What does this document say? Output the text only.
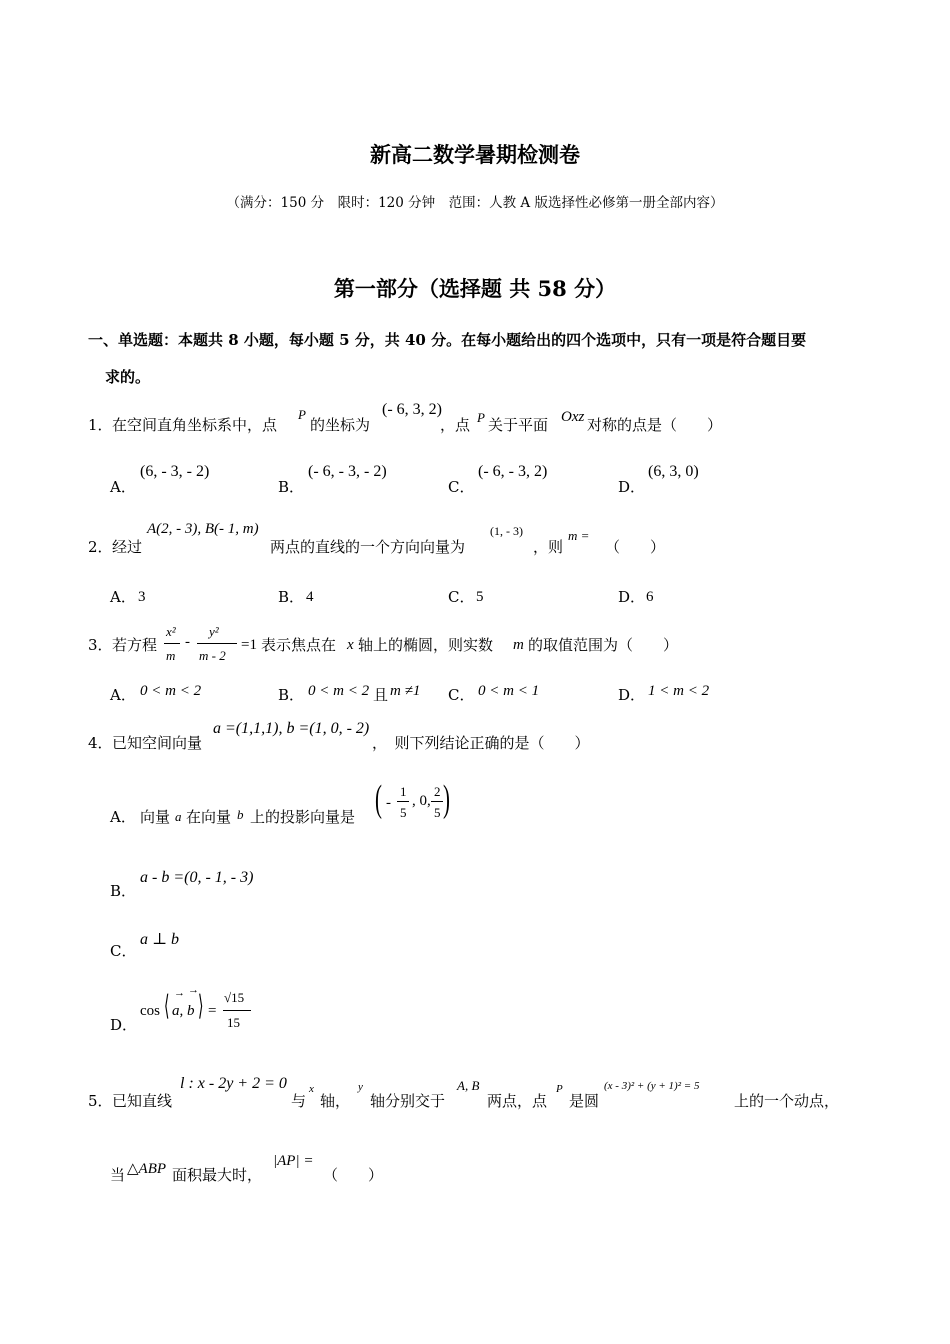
新高二数学暑期检测卷
（满分：150 分　限时：120 分钟　范围：人教 A 版选择性必修第一册全部内容）
第一部分（选择题 共 58 分）
一、单选题：本题共 8 小题，每小题 5 分，共 40 分。在每小题给出的四个选项中，只有一项是符合题目要
求的。
1． 在空间直角坐标系中，点
P
的坐标为
(- 6, 3, 2)
，点 P 关于平面 Oxz 对称的点是（　　）
A．
(6, - 3, - 2)
B．
(- 6, - 3, - 2)
C．
(- 6, - 3, 2)
D．
(6, 3, 0)
2． 经过
A(2, - 3), B(- 1, m)
两点的直线的一个方向向量为
(1, - 3)
，则
m =
（　　）
A． 3	B． 4	C． 5	D． 6
3． 若方程
x²
m
-
y²
m - 2
=1 表示焦点在 x 轴上的椭圆，则实数 m 的取值范围为（　　）
A． 0 < m < 2	B． 0 < m < 2 且 m ≠1 C． 0 < m < 1	D． 1 < m < 2
4． 已知空间向量
a =(1,1,1), b =(1, 0, - 2)
，　则下列结论正确的是（　　）
A． 向量 a 在向量 b 上的投影向量是 ( -
1
5
, 0,
2
5 )
B．
a - b =(0, - 1, - 3)
C．
a ⊥ b
D．
cos ⟨ a, b
→ →
⟩ =
√15
15
5． 已知直线
l : x - 2y + 2 = 0
与
x
轴，
y
轴分别交于
A, B
两点，点
P
是圆
(x - 3)² + (y + 1)² = 5
上的一个动点，
当 △ABP 面积最大时，
|AP| =
（　　）
